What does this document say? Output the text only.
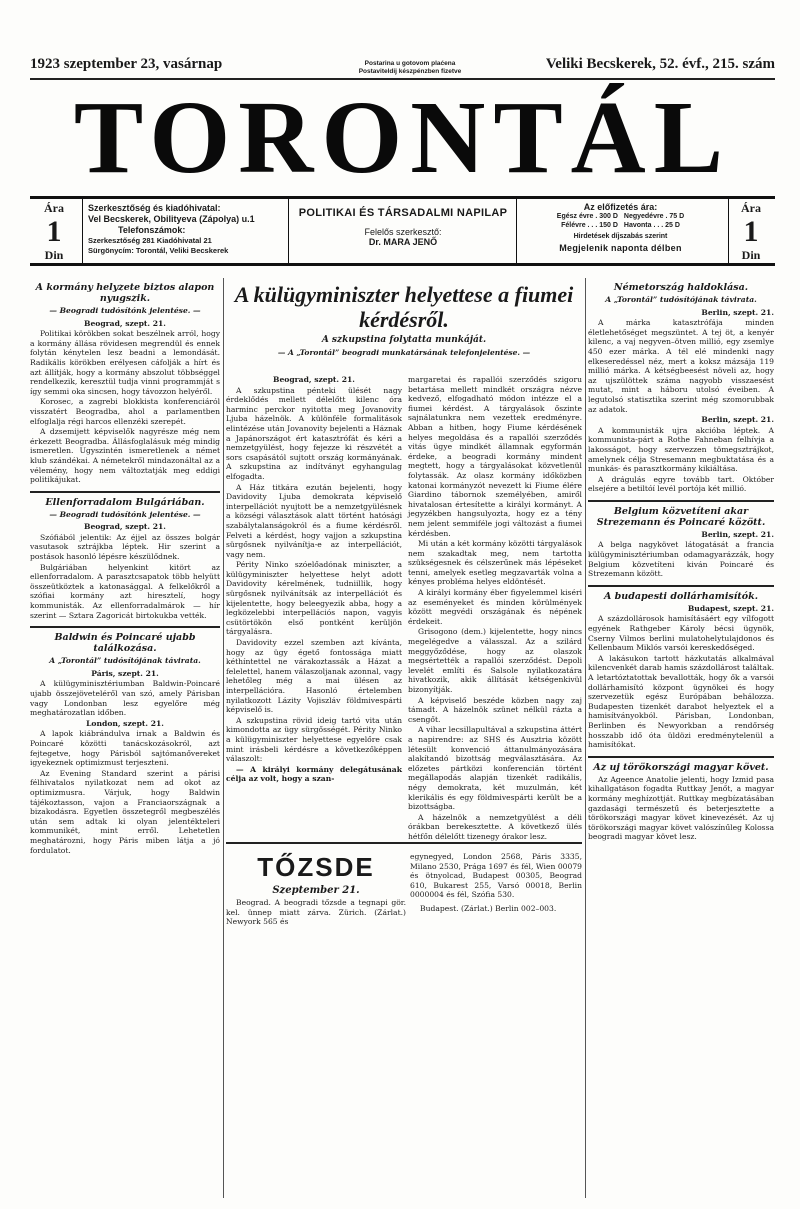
1923 szeptember 23, vasárnap	Postarina u gotovom plaćena
Postaviteldij készpénzben fizetve	Veliki Becskerek, 52. évf., 215. szám
TORONTÁL
Ára
1
Din
Szerkesztőség és kiadóhivatal:
Vel Becskerek, Obilityeva (Zápolya) u.1
Telefonszámok:
Szerkesztőség 281 Kiadóhivatal 21
Sürgönycím: Torontál, Veliki Becskerek
POLITIKAI ÉS TÁRSADALMI NAPILAP
Felelős szerkesztő:
Dr. MARA JENŐ
Az előfizetés ára:
Egész évre . 300 D Negyedévre . 75 D
Félévre . . . 150 D Havonta . . . 25 D
Hirdetések díjszabás szerint
Megjelenik naponta délben
Ára
1
Din

A kormány helyzete biztos alapon nyugszik.

— Beogradi tudósítónk jelentése. —

Beograd, szept. 21.

Politikai körökben sokat beszélnek arról, hogy a kormány állása rövidesen megrendül és ennek folytán kénytelen lesz beadni a lemondását. Radikális körökben erélyesen cáfolják a hírt és azt állítják, hogy a kormány abszolut többséggel rendelkezik, keresztül tudja vinni programmját s így semmi oka sincsen, hogy távozzon helyéről.

Korosec, a zagrebi blokkista konferenciáról visszatért Beogradba, ahol a parlamentben elfoglalja régi harcos ellenzéki szerepét.

A dzsemijett képviselők nagyrésze még nem érkezett Beogradba. Állásfoglalásuk még mindig ismeretlen. Ugyszintén ismeretlenek a német klub szándékai. A németekről mindazonáltal az a vélemény, hogy nem változtatják meg eddigi politikájukat.

Ellenforradalom Bulgáriában.

— Beogradi tudósítónk jelentése. —

Beograd, szept. 21.

Szófiából jelentik: Az éjjel az összes bolgár vasutasok sztrájkba léptek. Hir szerint a postások hasonló lépésre készülődnek.

Bulgáriában helyenkint kitört az ellenforradalom. A parasztcsapatok több helyütt összeütköztek a katonasággal. A felkelőkről a szófiai kormány azt hiresztelí, hogy kommunisták. Az ellenforradalmárok — hír szerint — Sztara Zagoricát birtokukba vették.

Baldwin és Poincaré ujabb találkozása.

A „Torontál” tudósítójának távirata.

Páris, szept. 21.

A külügyminisztériumban Baldwin-Poincaré ujabb összejöveteléről van szó, amely Párisban vagy Londonban lesz egyelőre még meghatározatlan időben.

London, szept. 21.

A lapok kiábrándulva irnak a Baldwin és Poincaré közötti tanácskozásokról, azt fejtegetve, hogy Párisból sajtómanővereket igyekeznek optimizmust terjeszteni.

Az Evening Standard szerint a párisi félhivatalos nyilatkozat nem ad okot az optimizmusra. Várjuk, hogy Baldwin tájékoztasson, vajon a Franciaországnak a bizakodásra. Egyetlen összetegről megbeszélés után sem adtak ki olyan jelentékteleri kommunikét, mint erről. Lehetetlen meghatározni, hogy Páris miben látja a jó fordulatot.

A külügyminiszter helyettese a fiumei kérdésről.
A szkupstina folytatta munkáját.
— A „Torontál” beogradi munkatársának telefonjelentése. —

Beograd, szept. 21.

A szkupstina pénteki ülését nagy érdeklődés mellett délelőtt kilenc óra harminc perckor nyitotta meg Jovanovity Ljuba házelnök. A különféle formalitások elintézése után Jovanovity bejelenti a Háznak a Japánországot ért katasztrófát és kéri a nemzetgyülést, hogy fejezze ki részvétét a sors csapásától sujtott ország kormányának. A szkupstina az indítványt egyhangulag elfogadta.

A Ház titkára ezután bejelenti, hogy Davidovity Ljuba demokrata képviselő interpellációt nyujtott be a nemzetgyülésnek a községi választások alatt történt hatósági szabálytalanságokról és a fiume kérdésről. Felveti a kérdést, hogy vajjon a szkupstina sürgősnek nyilvánítja-e az interpellációt, vagy nem.

Périty Ninko szóelőadónak miniszter, a külügyminiszter helyettese helyt adott Davidovity kérelmének, tudniillik, hogy sürgősnek nyilvánítsák az interpellációt és kijelentette, hogy beleegyezik abba, hogy a legközelebbi interpellációs napon, vagyis csütörtökön első pontként kerüljön tárgyalásra.

Davidovity ezzel szemben azt kívánta, hogy az ügy égető fontossága miatt kéthíntettel ne várakoztassák a Házat a felelettel, hanem válaszoljanak azonnal, vagy lehetőleg még a mai ülésen az interpellációra. Hasonló értelemben nyilatkozott Lázity Vojiszláv földmivespárti képviselő is.

A szkupstina rövid ideig tartó vita után kimondotta az ügy sürgősségét. Périty Ninko a külügyminiszter helyettese egyelőre csak mint irásbeli kérdésre a következőképpen válaszolt:

— A királyi kormány delegátusának célja az volt, hogy a szan-

margaretai és rapallói szerződés szigoru betartása mellett mindkét országra nézve kedvező, elfogadható módon intézze el a fiumei kérdést. A tárgyalások őszinte sajnálatunkra nem vezettek eredményre. Abban a hitben, hogy Fiume kérdésének helyes megoldása és a rapallói szerződés vitás ügye mindkét államnak egyformán érdeke, a beogradi kormány mindent megtett, hogy a tárgyalásokat közvetlenül folytassák. Az olasz kormány időközben katonai kormányzót nevezett ki Fiume élére Giardino tábornok személyében, amiről hivatalosan értesítette a királyi kormányt. A jegyzékben hangsulyozta, hogy ez a tény nem jelent semmiféle jogi változást a fiumei kérdésben.

Mi után a két kormány közötti tárgyalások nem szakadtak meg, nem tartotta szükségesnek és célszerűnek más lépéseket tenni, amelyek esetleg megzavarták volna a kényes probléma helyes eldöntését.

A királyi kormány éber figyelemmel kiséri az eseményeket és minden körülmények között megvédi országának és népének érdekeit.

Grisogono (dem.) kijelentette, hogy nincs megelégedve a válasszal. Az a szilárd meggyőződése, hogy az olaszok megsértették a rapallói szerződést. Depoli levelét említi és Salsole nyilatkozatára hivatkozik, akik állítását kétségenkivül bizonyítják.

A képviselő beszéde közben nagy zaj támadt. A házelnök szünet nélkül rázta a csengőt.

A vihar lecsillapultával a szkupstina áttért a napirendre: az SHS és Ausztria között létesült konvenció áttanulmányozására alakítandó bizottság megválasztására. Az előzetes pártközi konferencián történt megállapodás alapján tizenkét radikális, négy demokrata, két muzulmán, két klerikális és egy földmivespárti került be a bizottságba.

A házelnök a nemzetgyülést a déli órákban berekesztette. A következő ülés hétfőn délelőtt tizenegy órakor lesz.

TŐZSDE
Szeptember 21.

Beograd. A beogradi tőzsde a tegnapi gör. kel. ünnep miatt zárva. Zürich. (Zárlat.) Newyork 565 és

egynegyed, London 2568, Páris 3335, Milano 2530, Prága 1697 és fél, Wien 00079 és ötnyolcad, Budapest 00305, Beograd 610, Bukarest 255, Varsó 00018, Berlin 0000004 és fél, Szófia 530.

Budapest. (Zárlat.) Berlin 002–003.

Németország haldoklása.

A „Torontál” tudósítójának távirata.

Berlin, szept. 21.

A márka katasztrófája minden életlehetőséget megszüntet. A tej öt, a kenyér kilenc, a vaj negyven–ötven millió, egy zsemlye 450 ezer márka. A tél elé mindenki nagy elkeseredéssel néz, mert a koksz mázsája 119 millió márka. A kétségbeesést növeli az, hogy az ujszülöttek száma nagyobb visszaesést mutat, mint a háboru utolsó éveiben. A legutolsó statisztika szerint még szomorubbak az adatok.

Berlin, szept. 21.

A kommunisták ujra akcióba léptek. A kommunista-párt a Rothe Fahneban felhívja a lakosságot, hogy szervezzen tömegsztrájkot, amelynek célja Stresemann megbuktatása és a munkás- és parasztkormány kikiáltása.

A drágulás egyre tovább tart. Október elsejére a betiltóí levél portója két millió.

Belgium közvetíteni akar Strezemann és Poincaré között.

Berlin, szept. 21.

A belga nagykövet látogatását a francia külügyminisztériumban odamagyarázzák, hogy Belgium közvetíteni kiván Poincaré és Strezemann között.

A budapesti dollárhamisítók.

Budapest, szept. 21.

A százdollárosok hamisításáért egy vílfogott egyének Rathgeber Károly bécsi ügynök, Cserny Vilmos berlini mulatohelytulajdonos és Kellenbaum Miklós varsói kereskedőséged.

A lakásukon tartott házkutatás alkalmával kilencvenkét darab hamis százdollárost találtak. A letartóztatottak bevallották, hogy ők a varsói dollárhamisító központ ügynökei és hogy szervezetük egész Európában behálozza. Budapesten tizenkét darabot helyeztek el a hamisítványokból. Párisban, Londonban, Berlinben és Newyorkban a rendőrség hosszabb idő óta üldözi eredménytelenül a hamisítókat.

Az uj törökországi magyar követ.

Az Ageence Anatolie jelenti, hogy Izmid pasa kihallgatáson fogadta Ruttkay Jenőt, a magyar kormány meghízottját. Ruttkay megbízatásában gazdasági természetű és beterjesztette a törökországi magyar követ kinevezését. Az uj törökországi magyar követ valószínűleg Kolossa beogradi magyar követ lesz.
